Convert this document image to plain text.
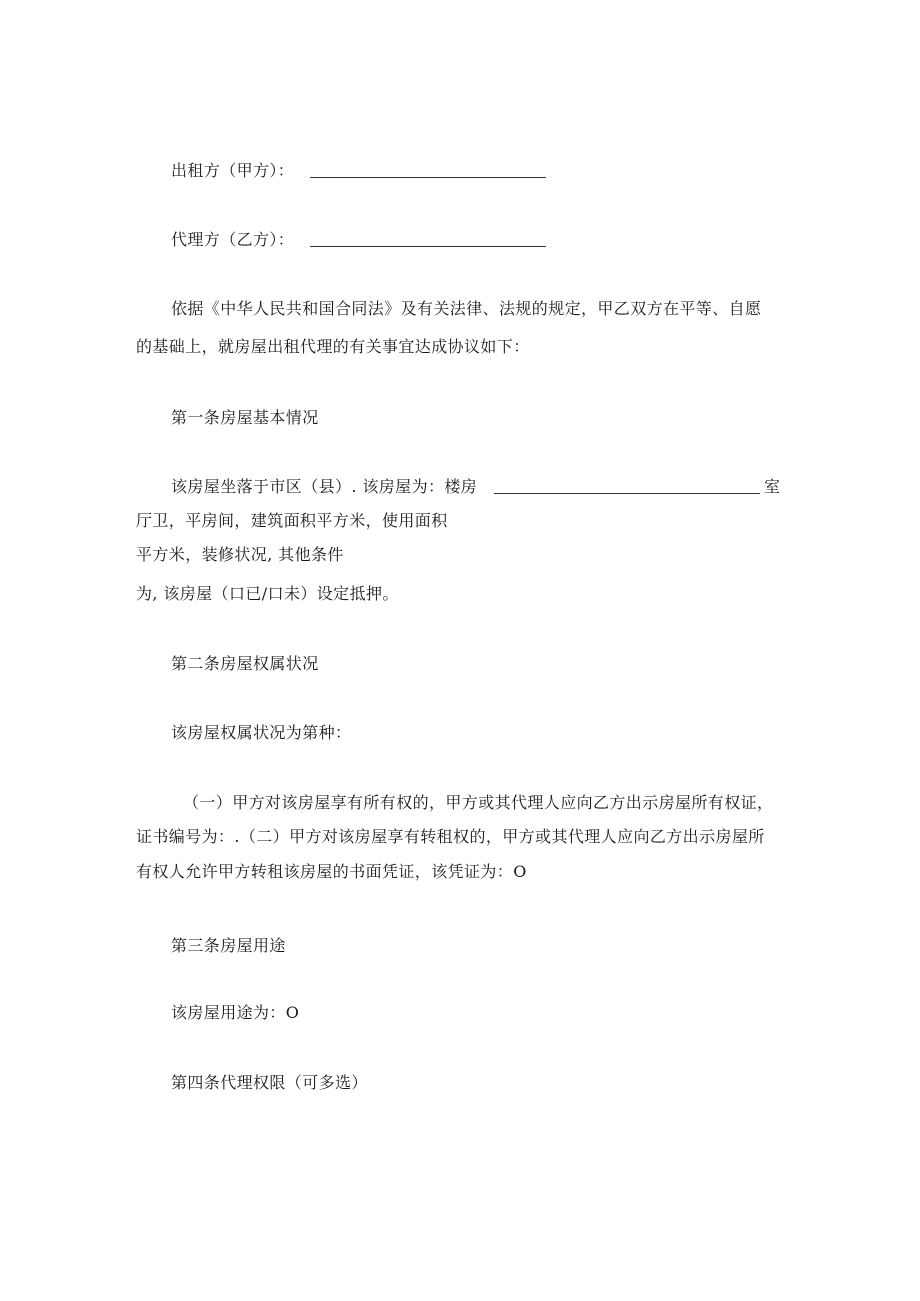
出租方（甲方）：
代理方（乙方）：
依据《中华人民共和国合同法》及有关法律、法规的规定，甲乙双方在平等、自愿
的基础上，就房屋出租代理的有关事宜达成协议如下：
第一条房屋基本情况
该房屋坐落于市区（县）. 该房屋为：楼房	室
厅卫，平房间，建筑面积平方米，使用面积
平方米，装修状况, 其他条件
为, 该房屋（口已/口未）设定抵押。
第二条房屋权属状况
该房屋权属状况为第种：
（一）甲方对该房屋享有所有权的，甲方或其代理人应向乙方出示房屋所有权证，
证书编号为：.（二）甲方对该房屋享有转租权的，甲方或其代理人应向乙方出示房屋所
有权人允许甲方转租该房屋的书面凭证，该凭证为：O
第三条房屋用途
该房屋用途为：O
第四条代理权限（可多选）
